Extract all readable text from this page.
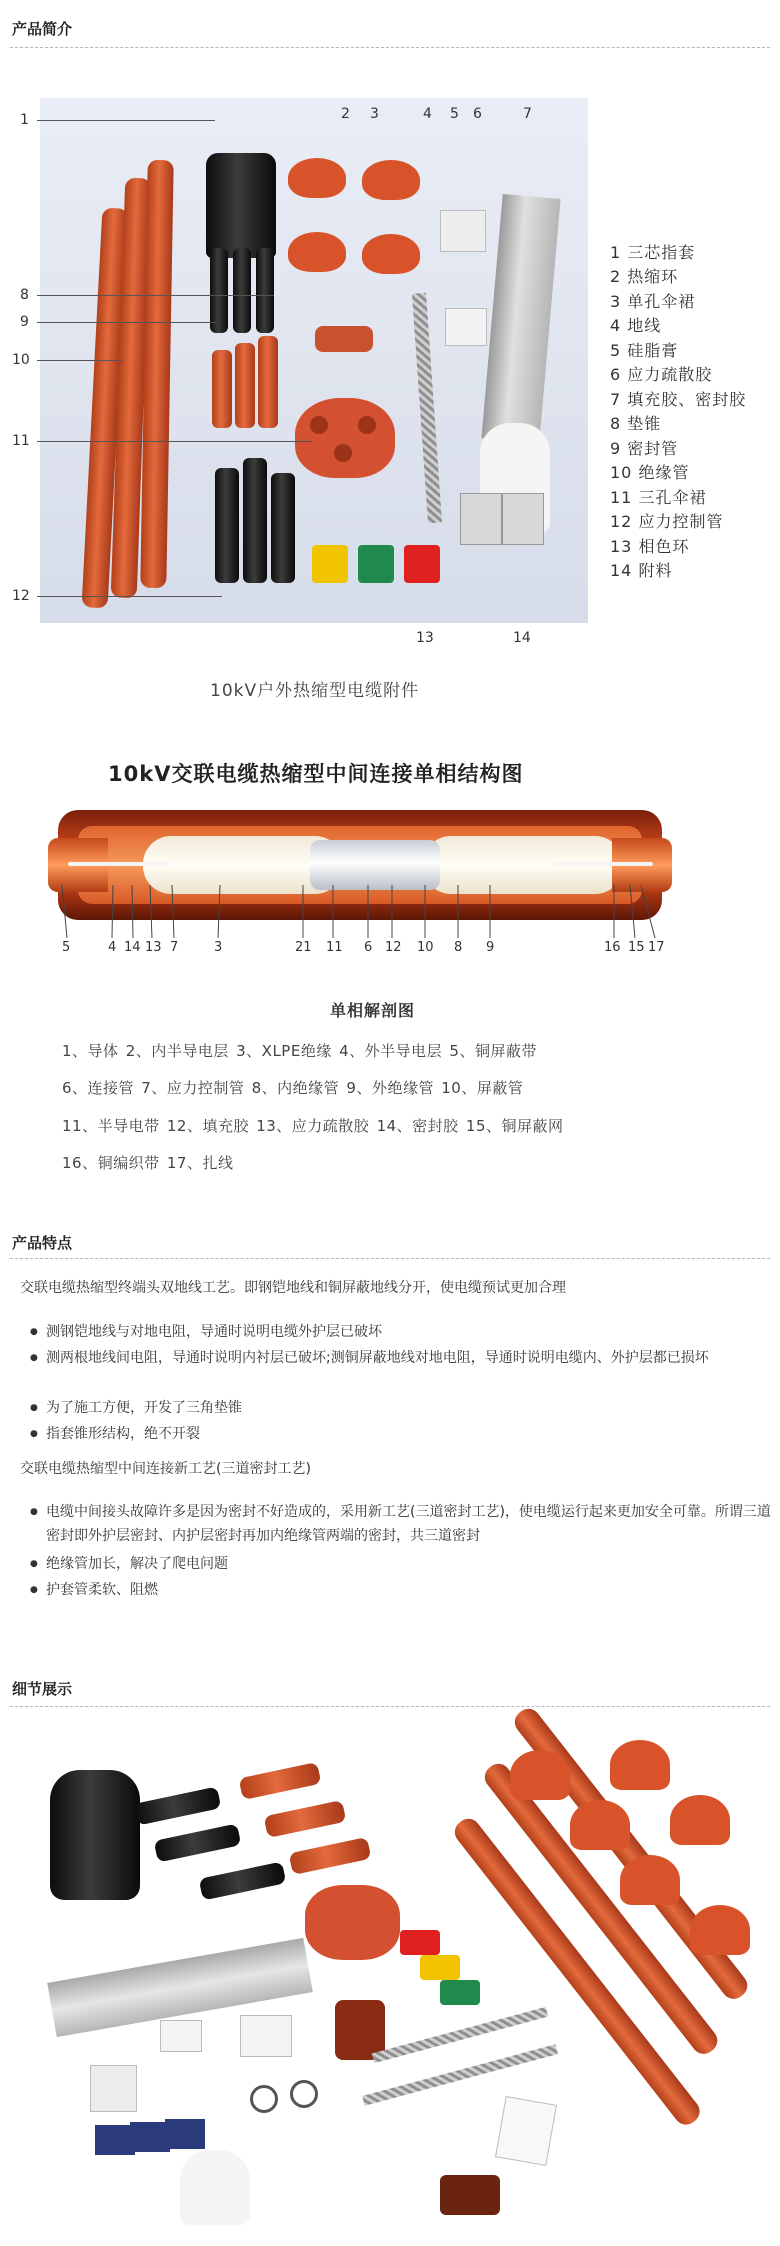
产品简介
1	2 3	4 5 6	7
8
9
10
11
12
13	14
1 三芯指套
2 热缩环
3 单孔伞裙
4 地线
5 硅脂膏
6 应力疏散胶
7 填充胶、密封胶
8 垫锥
9 密封管
10 绝缘管
11 三孔伞裙
12 应力控制管
13 相色环
14 附料
10kV户外热缩型电缆附件
10kV交联电缆热缩型中间连接单相结构图
5	4 14 13 7	3	21 11 6 12 10 8 9	16 15 17
单相解剖图
1、导体 2、内半导电层 3、XLPE绝缘 4、外半导电层 5、铜屏蔽带
6、连接管 7、应力控制管 8、内绝缘管 9、外绝缘管 10、屏蔽管
11、半导电带 12、填充胶 13、应力疏散胶 14、密封胶 15、铜屏蔽网
16、铜编织带 17、扎线
产品特点
交联电缆热缩型终端头双地线工艺。即钢铠地线和铜屏蔽地线分开，使电缆预试更加合理
● 测钢铠地线与对地电阻，导通时说明电缆外护层已破坏
● 测两根地线间电阻，导通时说明内衬层已破坏;测铜屏蔽地线对地电阻，导通时说明电缆内、外护层都已损坏
● 为了施工方便，开发了三角垫锥
● 指套锥形结构，绝不开裂
交联电缆热缩型中间连接新工艺(三道密封工艺)
● 电缆中间接头故障许多是因为密封不好造成的，采用新工艺(三道密封工艺)，使电缆运行起来更加安全可靠。所谓三道密封即外护层密封、内护层密封再加内绝缘管两端的密封，共三道密封
● 绝缘管加长，解决了爬电问题
● 护套管柔软、阻燃
细节展示
